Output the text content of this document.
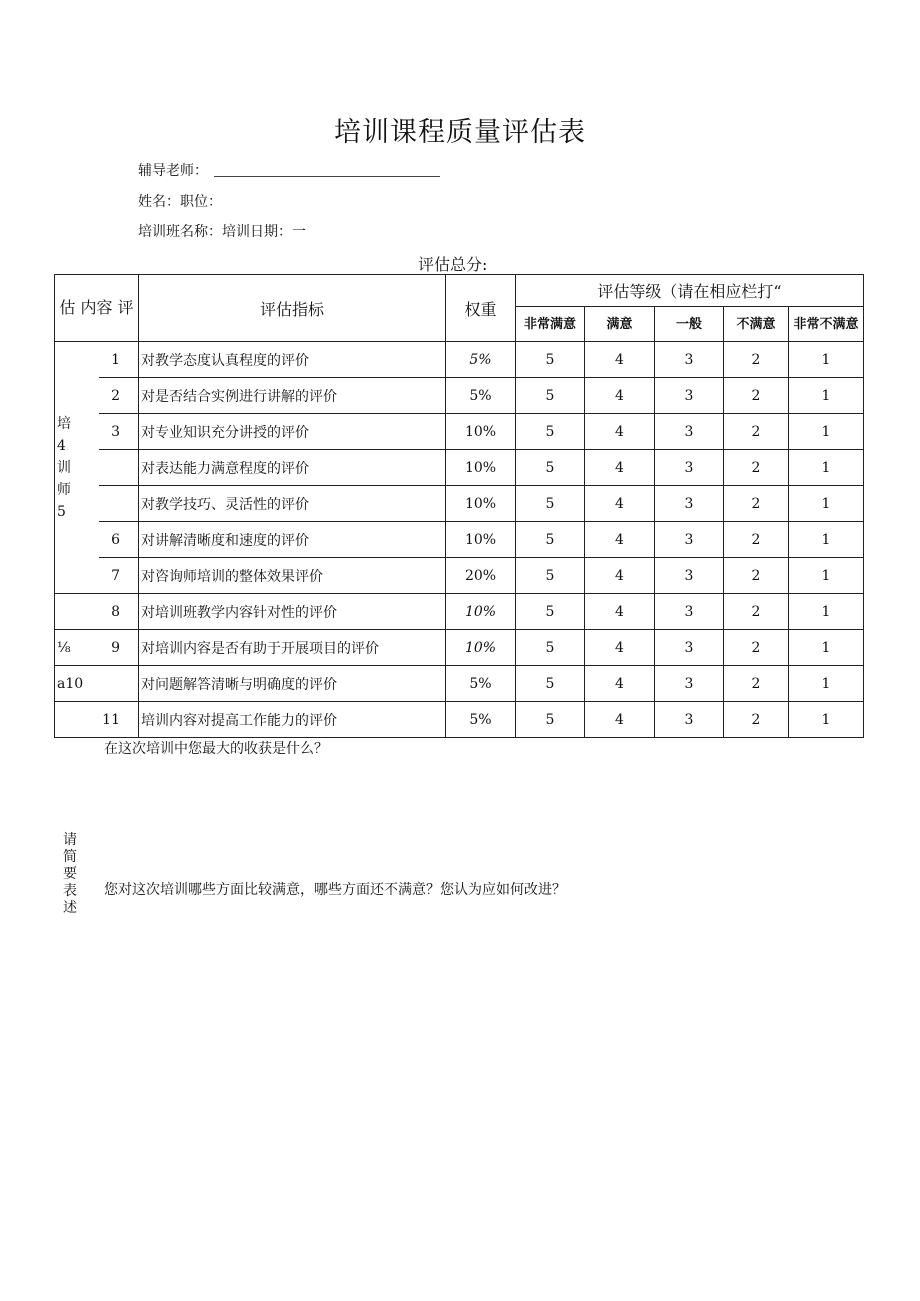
培训课程质量评估表
辅导老师：
姓名：职位：
培训班名称：培训日期：一
评估总分:
估 内容 评		评估指标	权重	评估等级（请在相应栏打“				
				非常满意	满意	一般	不满意	非常不满意
培4 训 师5	1	对教学态度认真程度的评价	5%	5	4	3	2	1
	2	对是否结合实例进行讲解的评价	5%	5	4	3	2	1
	3	对专业知识充分讲授的评价	10%	5	4	3	2	1
		对表达能力满意程度的评价	10%	5	4	3	2	1
		对教学技巧、灵活性的评价	10%	5	4	3	2	1
	6	对讲解清晰度和速度的评价	10%	5	4	3	2	1
	7	对咨询师培训的整体效果评价	20%	5	4	3	2	1
	8	对培训班教学内容针对性的评价	10%	5	4	3	2	1
⅛	9	对培训内容是否有助于开展项目的评价	10%	5	4	3	2	1
a10		对问题解答清晰与明确度的评价	5%	5	4	3	2	1
	11	培训内容对提高工作能力的评价	5%	5	4	3	2	1
在这次培训中您最大的收获是什么？
请简要表述
您对这次培训哪些方面比较满意，哪些方面还不满意？您认为应如何改进？
